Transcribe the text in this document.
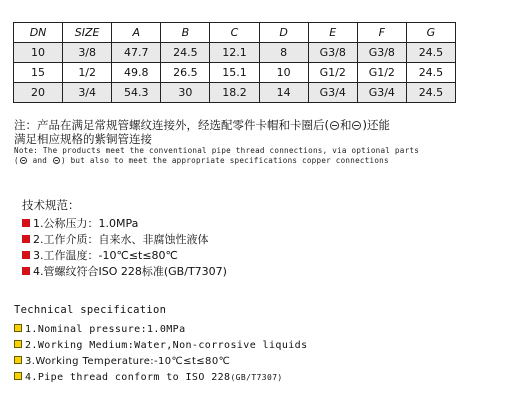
DN	SIZE	A	B	C	D	E	F	G
10	3/8	47.7	24.5	12.1	8	G3/8	G3/8	24.5
15	1/2	49.8	26.5	15.1	10	G1/2	G1/2	24.5
20	3/4	54.3	30	18.2	14	G3/4	G3/4	24.5
注：产品在满足常规管螺纹连接外，经选配零件卡帽和卡圈后( 和 )还能
满足相应规格的紫铜管连接
Note: The products meet the conventional pipe thread connections, via optional parts
( and ) but also to meet the appropriate specifications copper connections
技术规范：
1.公称压力：1.0MPa
2.工作介质：自来水、非腐蚀性液体
3.工作温度：-10℃≤t≤80℃
4.管螺纹符合ISO 228标准(GB/T7307)
Technical specification
1.Nominal pressure:1.0MPa
2.Working Medium:Water,Non-corrosive liquids
3.Working Temperature:-10℃≤t≤80℃
4.Pipe thread conform to ISO 228(GB/T7307)
